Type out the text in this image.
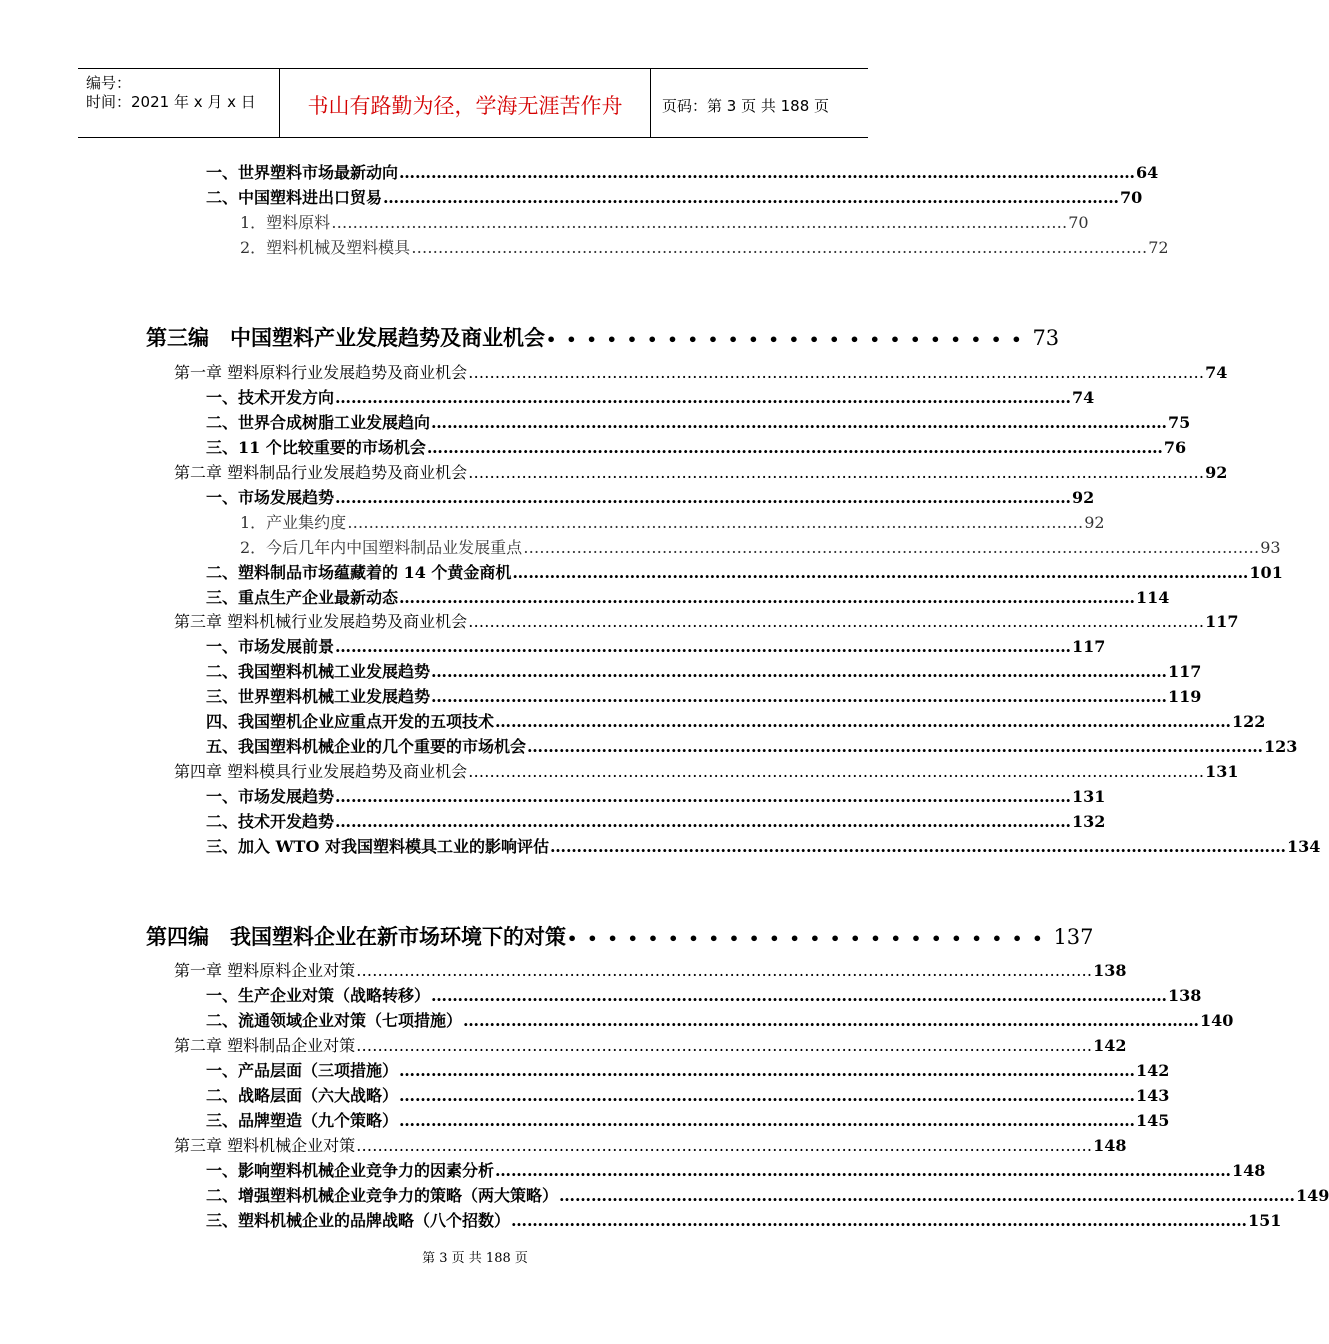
编号：
时间：2021 年 x 月 x 日	书山有路勤为径，学海无涯苦作舟	页码：第 3 页 共 188 页
一、世界塑料市场最新动向 ………………………………………………………………………………………………………………………… 64
二、中国塑料进出口贸易 ………………………………………………………………………………………………………………………… 70
1．塑料原料 ………………………………………………………………………………………………………………………… 70
2．塑料机械及塑料模具 ………………………………………………………………………………………………………………………… 72
第三编　中国塑料产业发展趋势及商业机会 •••••••••••••••••••••••• 73
第一章 塑料原料行业发展趋势及商业机会 ………………………………………………………………………………………………………………………… 74
一、技术开发方向 ………………………………………………………………………………………………………………………… 74
二、世界合成树脂工业发展趋向 ………………………………………………………………………………………………………………………… 75
三、11 个比较重要的市场机会 ………………………………………………………………………………………………………………………… 76
第二章 塑料制品行业发展趋势及商业机会 ………………………………………………………………………………………………………………………… 92
一、市场发展趋势 ………………………………………………………………………………………………………………………… 92
1．产业集约度 ………………………………………………………………………………………………………………………… 92
2．今后几年内中国塑料制品业发展重点 ………………………………………………………………………………………………………………………… 93
二、塑料制品市场蕴藏着的 14 个黄金商机 ………………………………………………………………………………………………………………………… 101
三、重点生产企业最新动态 ………………………………………………………………………………………………………………………… 114
第三章 塑料机械行业发展趋势及商业机会 ………………………………………………………………………………………………………………………… 117
一、市场发展前景 ………………………………………………………………………………………………………………………… 117
二、我国塑料机械工业发展趋势 ………………………………………………………………………………………………………………………… 117
三、世界塑料机械工业发展趋势 ………………………………………………………………………………………………………………………… 119
四、我国塑机企业应重点开发的五项技术 ………………………………………………………………………………………………………………………… 122
五、我国塑料机械企业的几个重要的市场机会 ………………………………………………………………………………………………………………………… 123
第四章 塑料模具行业发展趋势及商业机会 ………………………………………………………………………………………………………………………… 131
一、市场发展趋势 ………………………………………………………………………………………………………………………… 131
二、技术开发趋势 ………………………………………………………………………………………………………………………… 132
三、加入 WTO 对我国塑料模具工业的影响评估 ………………………………………………………………………………………………………………………… 134
第四编　我国塑料企业在新市场环境下的对策 •••••••••••••••••••••••• 137
第一章 塑料原料企业对策 ………………………………………………………………………………………………………………………… 138
一、生产企业对策（战略转移） ………………………………………………………………………………………………………………………… 138
二、流通领域企业对策（七项措施） ………………………………………………………………………………………………………………………… 140
第二章 塑料制品企业对策 ………………………………………………………………………………………………………………………… 142
一、产品层面（三项措施） ………………………………………………………………………………………………………………………… 142
二、战略层面（六大战略） ………………………………………………………………………………………………………………………… 143
三、品牌塑造（九个策略） ………………………………………………………………………………………………………………………… 145
第三章 塑料机械企业对策 ………………………………………………………………………………………………………………………… 148
一、影响塑料机械企业竞争力的因素分析 ………………………………………………………………………………………………………………………… 148
二、增强塑料机械企业竞争力的策略（两大策略） ………………………………………………………………………………………………………………………… 149
三、塑料机械企业的品牌战略（八个招数） ………………………………………………………………………………………………………………………… 151
第 3 页 共 188 页
